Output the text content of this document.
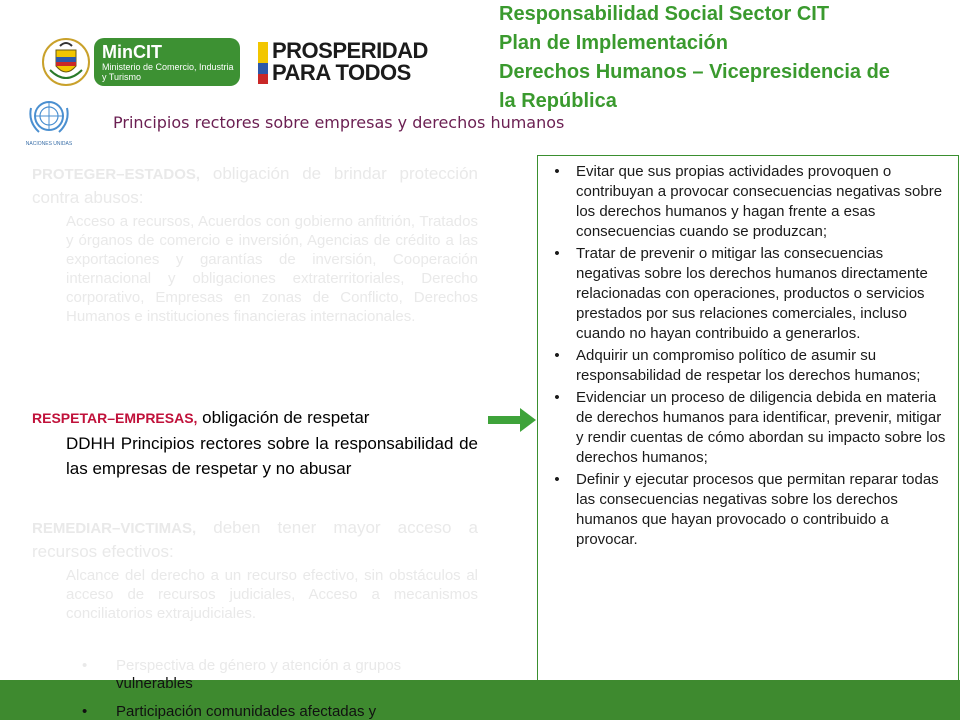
Responsabilidad Social Sector CIT
Plan de Implementación
Derechos Humanos – Vicepresidencia de
la República
MinCIT
Ministerio de Comercio, Industria y Turismo
PROSPERIDAD
PARA TODOS
NACIONES UNIDAS
Principios rectores sobre empresas y derechos humanos
PROTEGER–ESTADOS, obligación de brindar protección contra abusos:
Acceso a recursos, Acuerdos con gobierno anfitrión, Tratados y órganos de comercio e inversión, Agencias de crédito a las exportaciones y garantías de inversión, Cooperación internacional y obligaciones extraterritoriales, Derecho corporativo, Empresas en zonas de Conflicto, Derechos Humanos e instituciones financieras internacionales.
RESPETAR–EMPRESAS, obligación de respetar
DDHH Principios rectores sobre la responsabilidad de las empresas de respetar y no abusar
REMEDIAR–VICTIMAS, deben tener mayor acceso a recursos efectivos:
Alcance del derecho a un recurso efectivo, sin obstáculos al acceso de recursos judiciales, Acceso a mecanismos conciliatorios extrajudiciales.
•	Evitar que sus propias actividades provoquen o contribuyan a provocar consecuencias negativas sobre los derechos humanos y hagan frente a esas consecuencias cuando se produzcan;
•	Tratar de prevenir o mitigar las consecuencias negativas sobre los derechos humanos directamente relacionadas con operaciones, productos o servicios prestados por sus relaciones comerciales, incluso cuando no hayan contribuido a generarlos.
•	Adquirir un compromiso político de asumir su responsabilidad de respetar los derechos humanos;
•	Evidenciar un proceso de diligencia debida en materia de derechos humanos para identificar, prevenir, mitigar y rendir cuentas de cómo abordan su impacto sobre los derechos humanos;
•	Definir y ejecutar procesos que permitan reparar todas las consecuencias negativas sobre los derechos humanos que hayan provocado o contribuido a provocar.
•	Perspectiva de género y atención a grupos
vulnerables
•	Participación comunidades afectadas y
